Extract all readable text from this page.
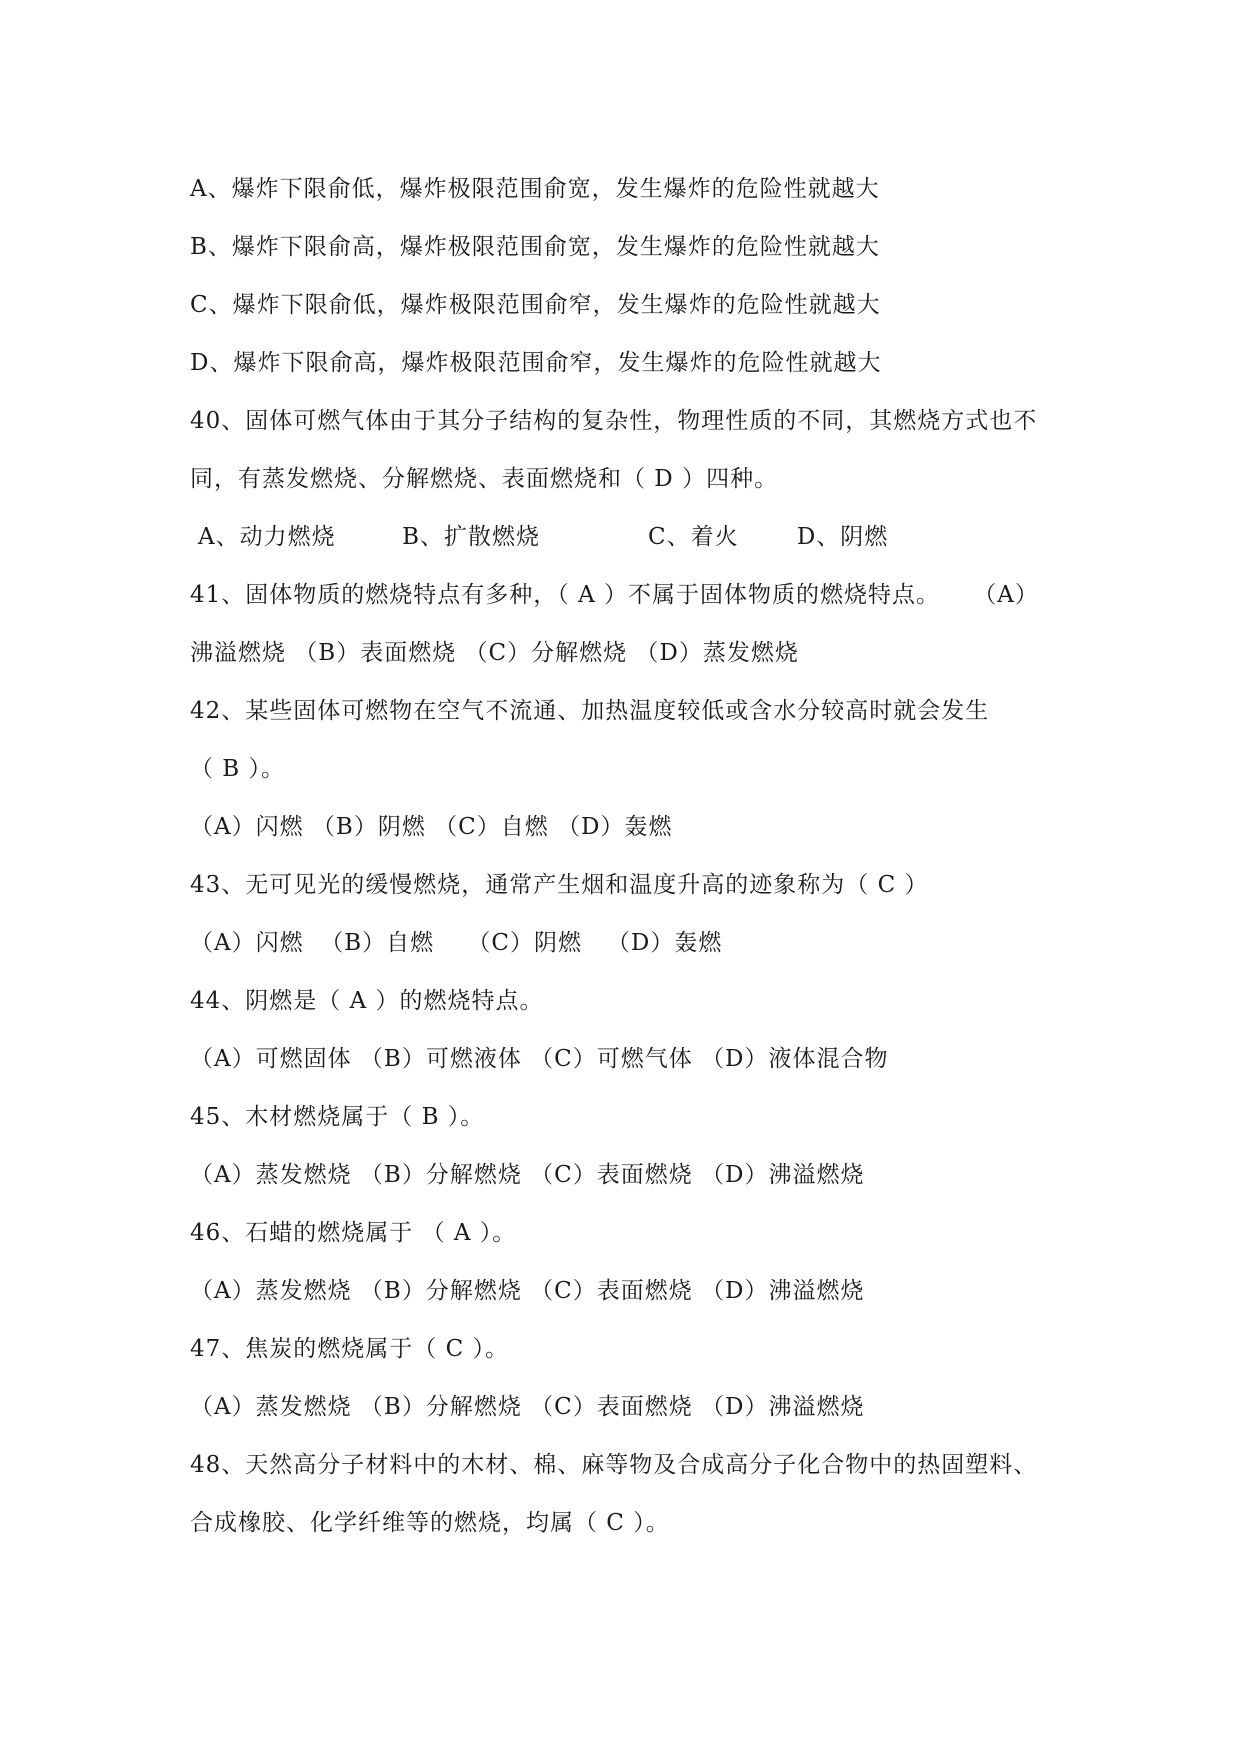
A、爆炸下限俞低，爆炸极限范围俞宽，发生爆炸的危险性就越大
B、爆炸下限俞高，爆炸极限范围俞宽，发生爆炸的危险性就越大
C、爆炸下限俞低，爆炸极限范围俞窄，发生爆炸的危险性就越大
D、爆炸下限俞高，爆炸极限范围俞窄，发生爆炸的危险性就越大
40、固体可燃气体由于其分子结构的复杂性，物理性质的不同，其燃烧方式也不
同，有蒸发燃烧、分解燃烧、表面燃烧和（ D ）四种。
A、动力燃烧        B、扩散燃烧             C、着火       D、阴燃
41、固体物质的燃烧特点有多种，（ A ）不属于固体物质的燃烧特点。    （A）
沸溢燃烧 （B）表面燃烧 （C）分解燃烧 （D）蒸发燃烧
42、某些固体可燃物在空气不流通、加热温度较低或含水分较高时就会发生
（ B ）。
（A）闪燃 （B）阴燃 （C）自燃 （D）轰燃
43、无可见光的缓慢燃烧，通常产生烟和温度升高的迹象称为（ C ）
（A）闪燃  （B）自燃    （C）阴燃   （D）轰燃
44、阴燃是（ A ）的燃烧特点。
（A）可燃固体 （B）可燃液体 （C）可燃气体 （D）液体混合物
45、木材燃烧属于（ B ）。
（A）蒸发燃烧 （B）分解燃烧 （C）表面燃烧 （D）沸溢燃烧
46、石蜡的燃烧属于 （ A ）。
（A）蒸发燃烧 （B）分解燃烧 （C）表面燃烧 （D）沸溢燃烧
47、焦炭的燃烧属于（ C ）。
（A）蒸发燃烧 （B）分解燃烧 （C）表面燃烧 （D）沸溢燃烧
48、天然高分子材料中的木材、棉、麻等物及合成高分子化合物中的热固塑料、
合成橡胶、化学纤维等的燃烧，均属（ C ）。
